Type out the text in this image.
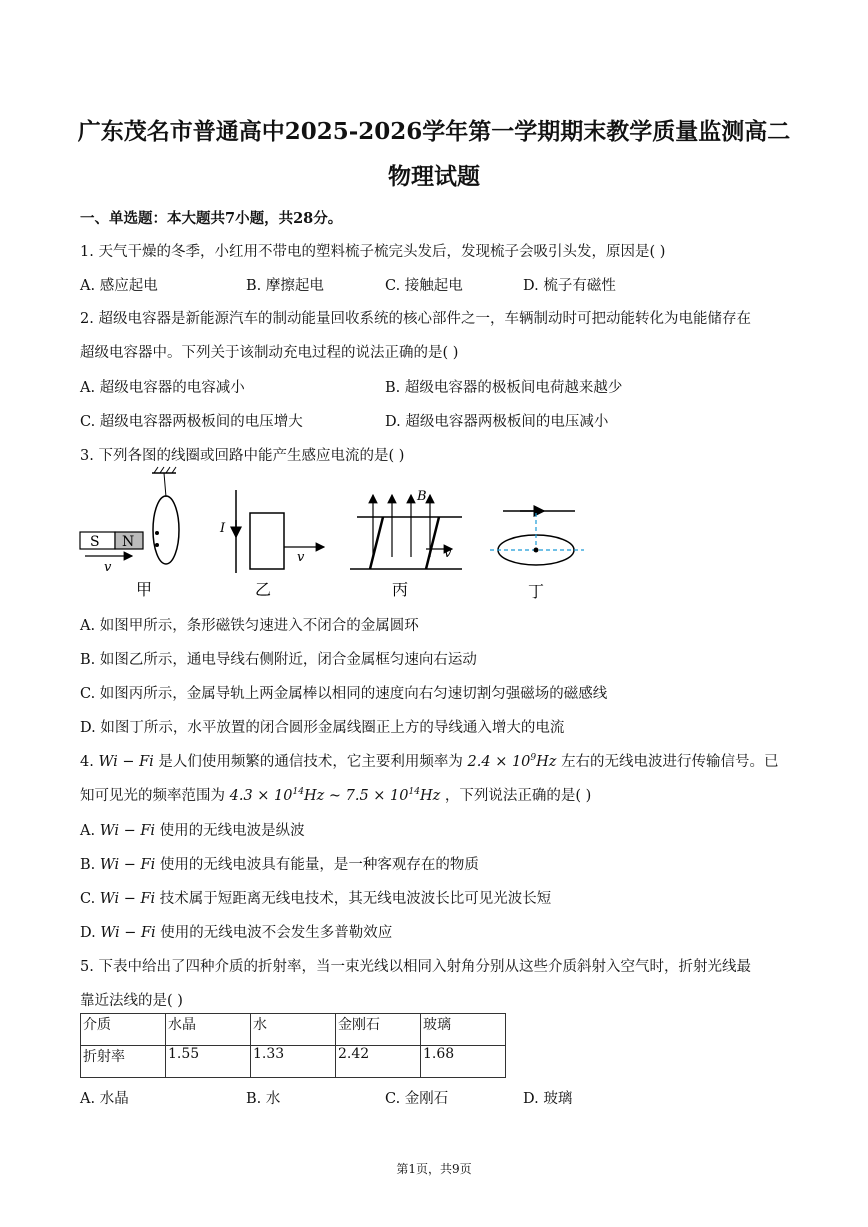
广东茂名市普通高中2025-2026学年第一学期期末教学质量监测高二
物理试题
一、单选题：本大题共7小题，共28分。
1. 天气干燥的冬季，小红用不带电的塑料梳子梳完头发后，发现梳子会吸引头发，原因是( )
A. 感应起电	B. 摩擦起电	C. 接触起电	D. 梳子有磁性
2. 超级电容器是新能源汽车的制动能量回收系统的核心部件之一，车辆制动时可把动能转化为电能储存在
超级电容器中。下列关于该制动充电过程的说法正确的是( )
A. 超级电容器的电容减小	B. 超级电容器的极板间电荷越来越少
C. 超级电容器两极板间的电压增大	D. 超级电容器两极板间的电压减小
3. 下列各图的线圈或回路中能产生感应电流的是( )
S N
v
甲
I
v
乙
B
v
丙	丁
A. 如图甲所示，条形磁铁匀速进入不闭合的金属圆环
B. 如图乙所示，通电导线右侧附近，闭合金属框匀速向右运动
C. 如图丙所示，金属导轨上两金属棒以相同的速度向右匀速切割匀强磁场的磁感线
D. 如图丁所示，水平放置的闭合圆形金属线圈正上方的导线通入增大的电流
4. Wi − Fi 是人们使用频繁的通信技术，它主要利用频率为 $2.4 \times 10^9Hz$ 左右的无线电波进行传输信号。已
知可见光的频率范围为 $4.3 \times 10^{14}Hz$ ~ $7.5 \times 10^{14}Hz$ ，下列说法正确的是( )
A. Wi − Fi 使用的无线电波是纵波
B. Wi − Fi 使用的无线电波具有能量，是一种客观存在的物质
C. Wi − Fi 技术属于短距离无线电技术，其无线电波波长比可见光波长短
D. Wi − Fi 使用的无线电波不会发生多普勒效应
5. 下表中给出了四种介质的折射率，当一束光线以相同入射角分别从这些介质斜射入空气时，折射光线最
靠近法线的是( )
介质	水晶	水	金刚石	玻璃
折射率	1.55	1.33	2.42	1.68
A. 水晶	B. 水	C. 金刚石	D. 玻璃
第1页，共9页
